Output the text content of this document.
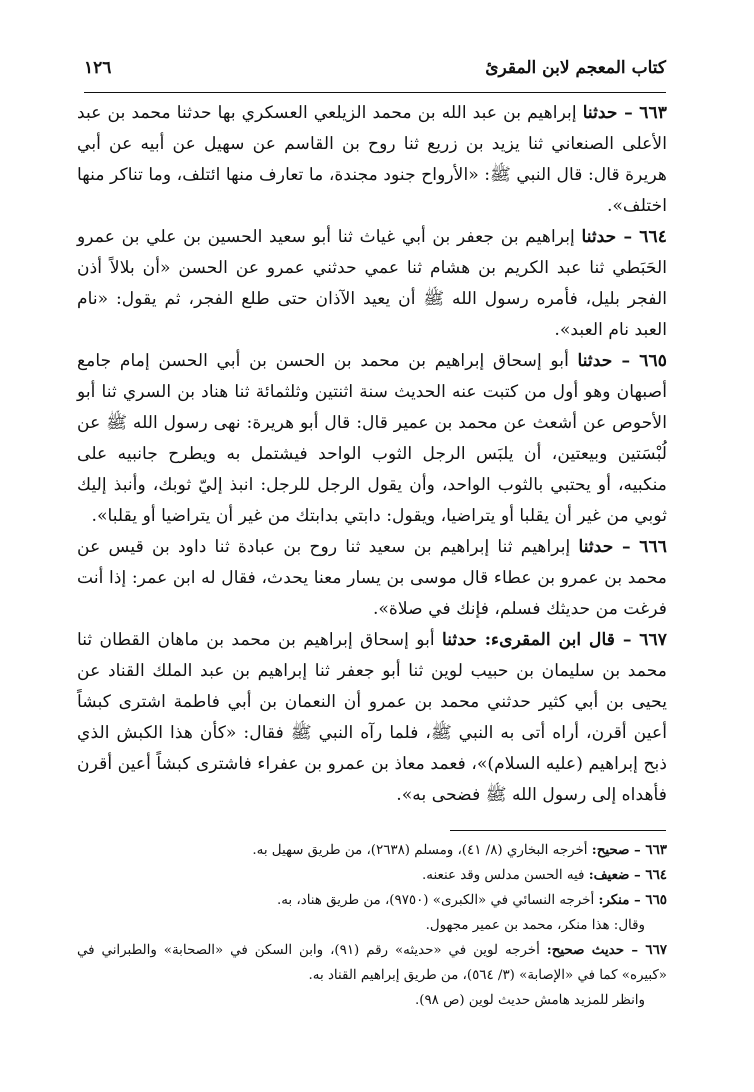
كتاب المعجم لابن المقرئ
١٢٦

٦٦٣ – حدثنا إبراهيم بن عبد الله بن محمد الزيلعي العسكري بها حدثنا محمد بن عبد الأعلى الصنعاني ثنا يزيد بن زريع ثنا روح بن القاسم عن سهيل عن أبيه عن أبي هريرة قال: قال النبي ﷺ: «الأرواح جنود مجندة، ما تعارف منها ائتلف، وما تناكر منها اختلف».

٦٦٤ – حدثنا إبراهيم بن جعفر بن أبي غياث ثنا أبو سعيد الحسين بن علي بن عمرو الحَبَطي ثنا عبد الكريم بن هشام ثنا عمي حدثني عمرو عن الحسن «أن بلالاً أذن الفجر بليل، فأمره رسول الله ﷺ أن يعيد الآذان حتى طلع الفجر، ثم يقول: «نام العبد نام العبد».

٦٦٥ – حدثنا أبو إسحاق إبراهيم بن محمد بن الحسن بن أبي الحسن إمام جامع أصبهان وهو أول من كتبت عنه الحديث سنة اثنتين وثلثمائة ثنا هناد بن السري ثنا أبو الأحوص عن أشعث عن محمد بن عمير قال: قال أبو هريرة: نهى رسول الله ﷺ عن لُبْسَتين وبيعتين، أن يلبَس الرجل الثوب الواحد فيشتمل به ويطرح جانبيه على منكبيه، أو يحتبي بالثوب الواحد، وأن يقول الرجل للرجل: انبذ إليّ ثوبك، وأنبذ إليك ثوبي من غير أن يقلبا أو يتراضيا، ويقول: دابتي بدابتك من غير أن يتراضيا أو يقلبا».

٦٦٦ – حدثنا إبراهيم ثنا إبراهيم بن سعيد ثنا روح بن عبادة ثنا داود بن قيس عن محمد بن عمرو بن عطاء قال موسى بن يسار معنا يحدث، فقال له ابن عمر: إذا أنت فرغت من حديثك فسلم، فإنك في صلاة».

٦٦٧ – قال ابن المقرىء: حدثنا أبو إسحاق إبراهيم بن محمد بن ماهان القطان ثنا محمد بن سليمان بن حبيب لوين ثنا أبو جعفر ثنا إبراهيم بن عبد الملك القناد عن يحيى بن أبي كثير حدثني محمد بن عمرو أن النعمان بن أبي فاطمة اشترى كبشاً أعين أقرن، أراه أتى به النبي ﷺ، فلما رآه النبي ﷺ فقال: «كأن هذا الكبش الذي ذبح إبراهيم (عليه السلام)»، فعمد معاذ بن عمرو بن عفراء فاشترى كبشاً أعين أقرن فأهداه إلى رسول الله ﷺ فضحى به».

٦٦٣ – صحيح: أخرجه البخاري (٨/ ٤١)، ومسلم (٢٦٣٨)، من طريق سهيل به.

٦٦٤ – ضعيف: فيه الحسن مدلس وقد عنعنه.

٦٦٥ – منكر: أخرجه النسائي في «الكبرى» (٩٧٥٠)، من طريق هناد، به.

وقال: هذا منكر، محمد بن عمير مجهول.

٦٦٧ – حديث صحيح: أخرجه لوين في «حديثه» رقم (٩١)، وابن السكن في «الصحابة» والطبراني في «كبيره» كما في «الإصابة» (٣/ ٥٦٤)، من طريق إبراهيم القناد به.

وانظر للمزيد هامش حديث لوين (ص ٩٨).
